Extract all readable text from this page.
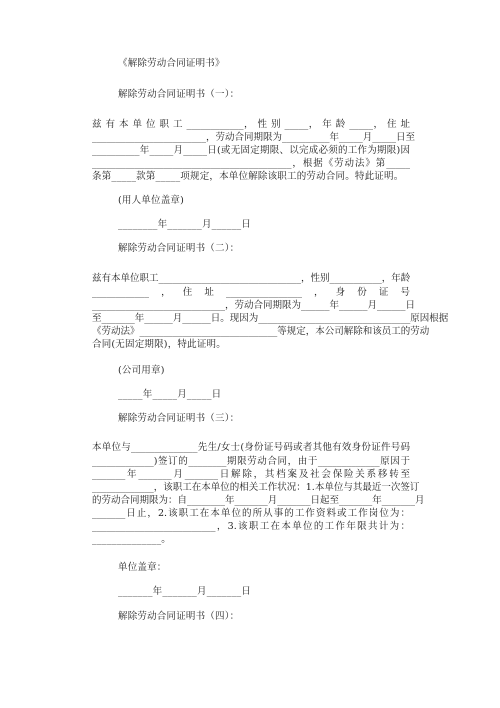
《解除劳动合同证明书》
解除劳动合同证明书（一）：
兹 有 本 单 位 职 工 ____________， 性 别 _____， 年 龄 _____， 住 址
________________________，劳动合同期限为__________年_____月_____日至
__________年_____月_____日(或无固定期限、以完成必须的工作为期限)因
__________________________________________，根据《劳动法》第_____
条第_____款第_____项规定，本单位解除该职工的劳动合同。特此证明。
(用人单位盖章)
________年_______月______日
解除劳动合同证明书（二）：
兹有本单位职工______________________________，性别___________，年龄
____________，住址________________，身份证号
____________________________，劳动合同期限为______年______月______日
至_______年______月______日。现因为________________________________原因根据
《劳动法》_____________________________等规定，本公司解除和该员工的劳动
合同(无固定期限)，特此证明。
(公司用章)
_____年_____月_____日
解除劳动合同证明书（三）：
本单位与______________先生/女士(身份证号码或者其他有效身份证件号码
_____________)签订的________期限劳动合同，由于_____________原因于
_______年_______月_______日解除，其档案及社会保险关系移转至
_____________，该职工在本单位的相关工作状况：1.本单位与其最近一次签订
的劳动合同期限为：自________年_______月_______日起至_______年_______月
_______日止，2.该职工在本单位的所从事的工作资料或工作岗位为：
__________________________，3.该职工在本单位的工作年限共计为：
______________。
单位盖章：
_______年_______月_______日
解除劳动合同证明书（四）：
